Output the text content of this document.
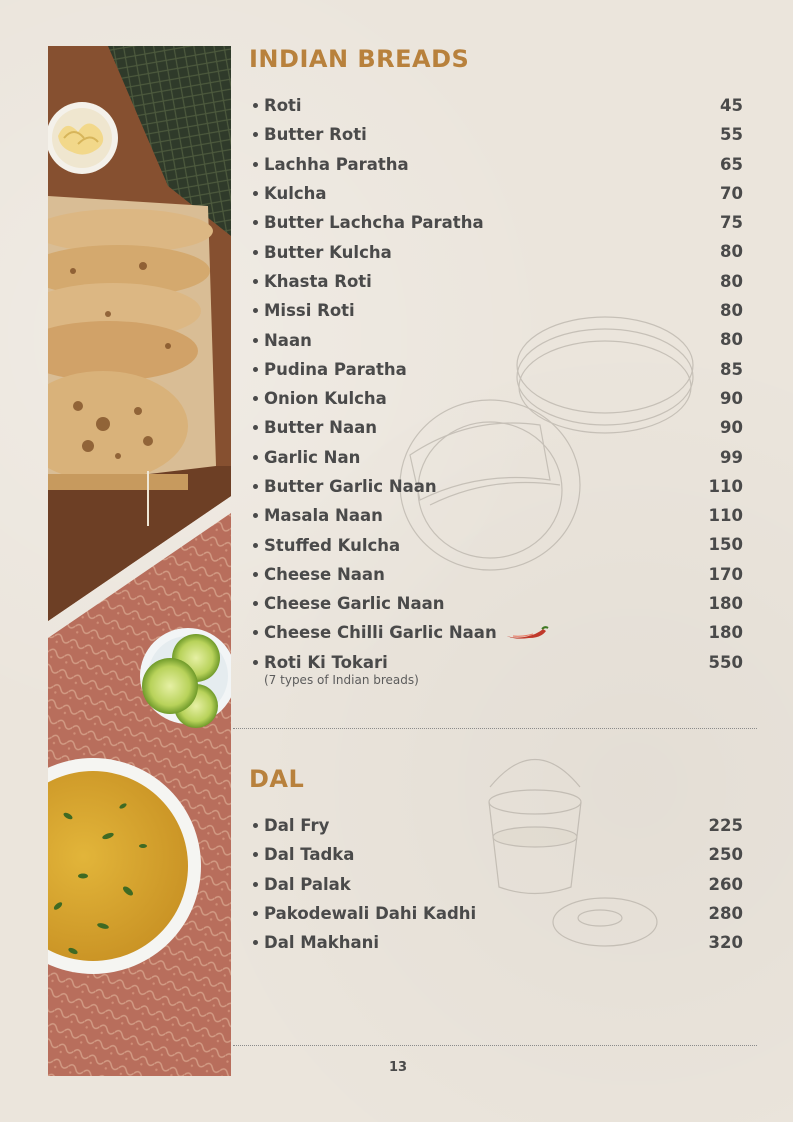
INDIAN BREADS
Roti	45
Butter Roti	55
Lachha Paratha	65
Kulcha	70
Butter Lachcha Paratha	75
Butter Kulcha	80
Khasta Roti	80
Missi Roti	80
Naan	80
Pudina Paratha	85
Onion Kulcha	90
Butter Naan	90
Garlic Nan	99
Butter Garlic Naan	110
Masala Naan	110
Stuffed Kulcha	150
Cheese Naan	170
Cheese Garlic Naan	180
Cheese Chilli Garlic Naan	180
Roti Ki Tokari	550
(7 types of Indian breads)
DAL
Dal Fry	225
Dal Tadka	250
Dal Palak	260
Pakodewali Dahi Kadhi	280
Dal Makhani	320
13
